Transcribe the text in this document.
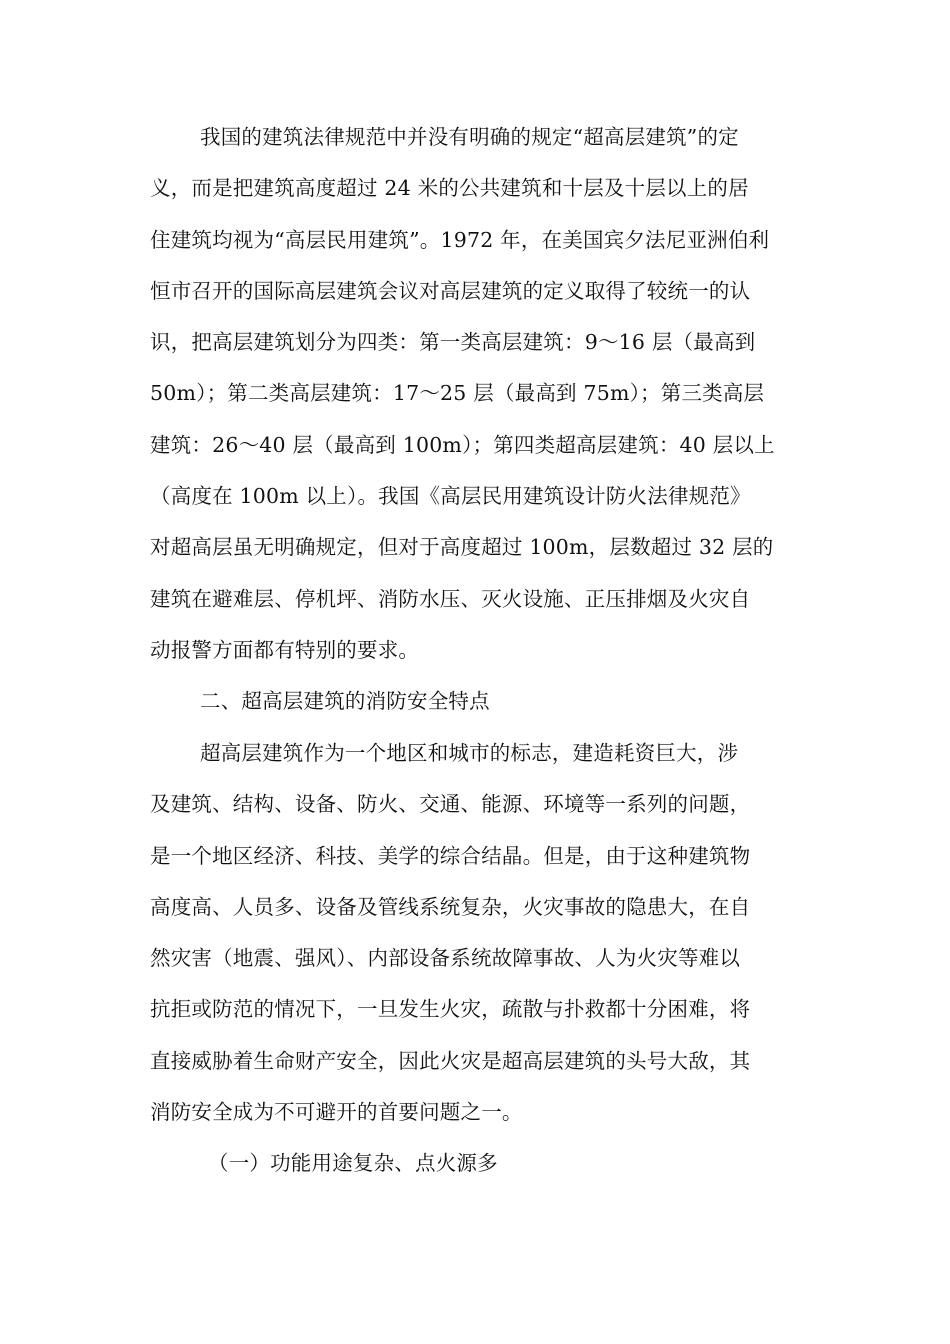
我国的建筑法律规范中并没有明确的规定“超高层建筑”的定
义，而是把建筑高度超过 24 米的公共建筑和十层及十层以上的居
住建筑均视为“高层民用建筑”。1972 年，在美国宾夕法尼亚洲伯利
恒市召开的国际高层建筑会议对高层建筑的定义取得了较统一的认
识，把高层建筑划分为四类：第一类高层建筑：9～16 层（最高到
50m）；第二类高层建筑：17～25 层（最高到 75m）；第三类高层
建筑：26～40 层（最高到 100m）；第四类超高层建筑：40 层以上
（高度在 100m 以上）。我国《高层民用建筑设计防火法律规范》
对超高层虽无明确规定，但对于高度超过 100m，层数超过 32 层的
建筑在避难层、停机坪、消防水压、灭火设施、正压排烟及火灾自
动报警方面都有特别的要求。
二、超高层建筑的消防安全特点
超高层建筑作为一个地区和城市的标志，建造耗资巨大，涉
及建筑、结构、设备、防火、交通、能源、环境等一系列的问题，
是一个地区经济、科技、美学的综合结晶。但是，由于这种建筑物
高度高、人员多、设备及管线系统复杂，火灾事故的隐患大，在自
然灾害（地震、强风）、内部设备系统故障事故、人为火灾等难以
抗拒或防范的情况下，一旦发生火灾，疏散与扑救都十分困难，将
直接威胁着生命财产安全，因此火灾是超高层建筑的头号大敌，其
消防安全成为不可避开的首要问题之一。
（一）功能用途复杂、点火源多
